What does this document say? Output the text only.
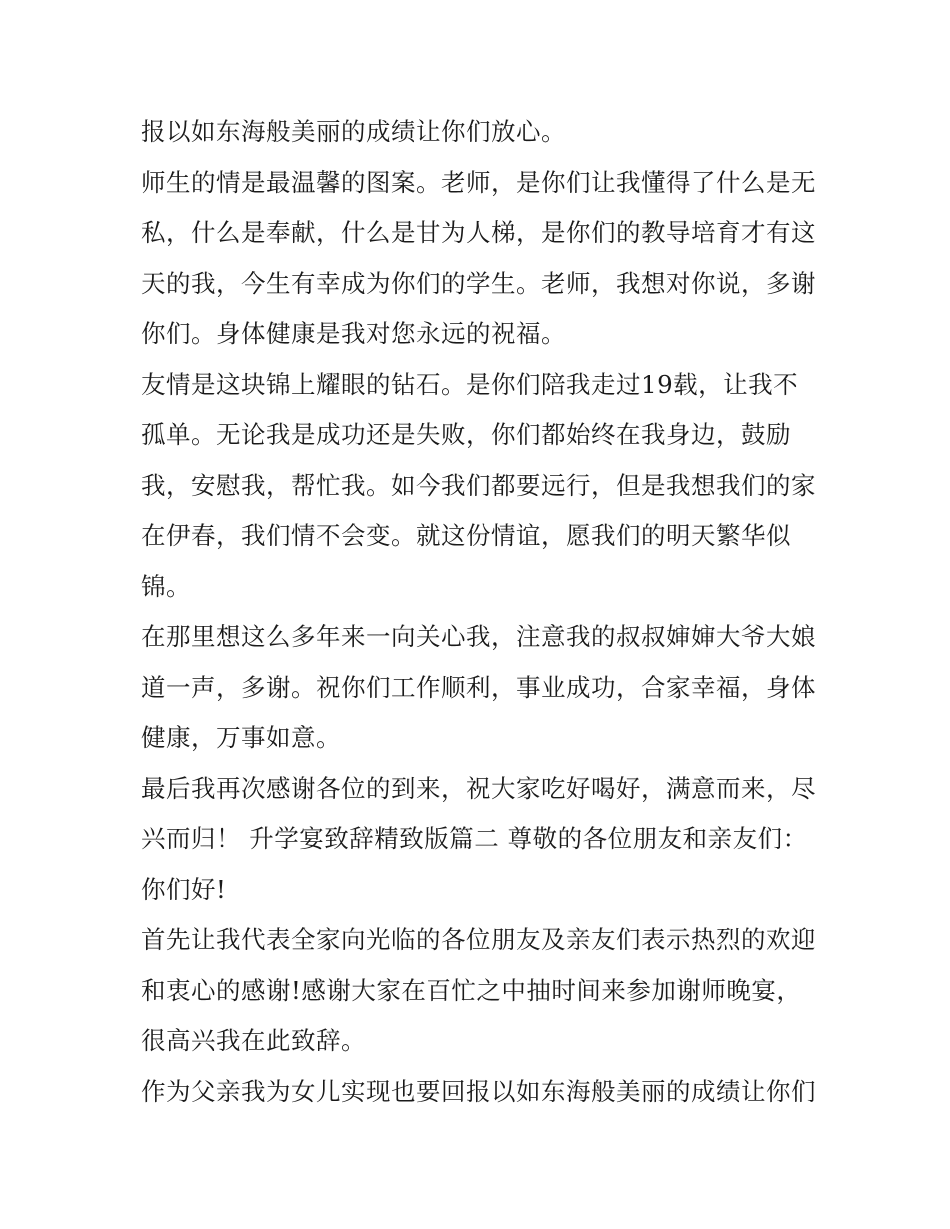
报以如东海般美丽的成绩让你们放心。
师生的情是最温馨的图案。老师，是你们让我懂得了什么是无
私，什么是奉献，什么是甘为人梯，是你们的教导培育才有这
天的我，今生有幸成为你们的学生。老师，我想对你说，多谢
你们。身体健康是我对您永远的祝福。
友情是这块锦上耀眼的钻石。是你们陪我走过19载，让我不
孤单。无论我是成功还是失败，你们都始终在我身边，鼓励
我，安慰我，帮忙我。如今我们都要远行，但是我想我们的家
在伊春，我们情不会变。就这份情谊，愿我们的明天繁华似
锦。
在那里想这么多年来一向关心我，注意我的叔叔婶婶大爷大娘
道一声，多谢。祝你们工作顺利，事业成功，合家幸福，身体
健康，万事如意。
最后我再次感谢各位的到来，祝大家吃好喝好，满意而来，尽
兴而归！ 升学宴致辞精致版篇二 尊敬的各位朋友和亲友们：
你们好!
首先让我代表全家向光临的各位朋友及亲友们表示热烈的欢迎
和衷心的感谢!感谢大家在百忙之中抽时间来参加谢师晚宴，
很高兴我在此致辞。
作为父亲我为女儿实现也要回报以如东海般美丽的成绩让你们
